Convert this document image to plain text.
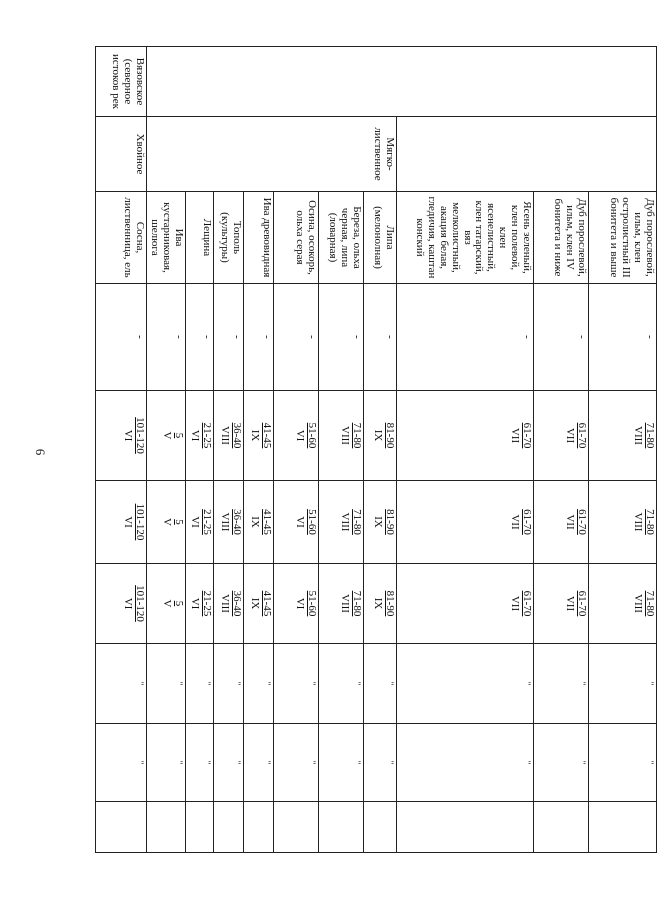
6
		Дуб порослевой, ильм, клен остролистный III бонитета и выше	-	71-80
VIII	71-80
VIII	71-80
VIII	"	"	
		Дуб порослевой, ильм, клен IV бонитета и ниже	-	61-70
VII	61-70
VII	61-70
VII	"	"	
		Ясень зеленый, клен полевой, клен ясенелистный, клен татарский, вяз мелколистный, акация белая, гледичия, каштан конский	-	61-70
VII	61-70
VII	61-70
VII	"	"	
	Мягко-лиственное	Липа (мелонолная)	-	81-90
IX	81-90
IX	81-90
IX	"	"	
		Береза, ольха черная, липа (ловарная)	-	71-80
VIII	71-80
VIII	71-80
VIII	"	"	
		Осина, осокорь, ольха серая	-	51-60
VI	51-60
VI	51-60
VI	"	"	
		Ива древовидная	-	41-45
IX	41-45
IX	41-45
IX	"	"	
		Тополь (культуры)	-	36-40
VIII	36-40
VIII	36-40
VIII	"	"	
		Лещина	-	21-25
VI	21-25
VI	21-25
VI	"	"	
		Ива кустарниковая, шелюга	-	5
V	5
V	5
V	"	"	
Вязовское (северное истоков рек	Хвойное	Сосна, лиственница, ель	-	101-120
VI	101-120
VI	101-120
VI	"	"	
